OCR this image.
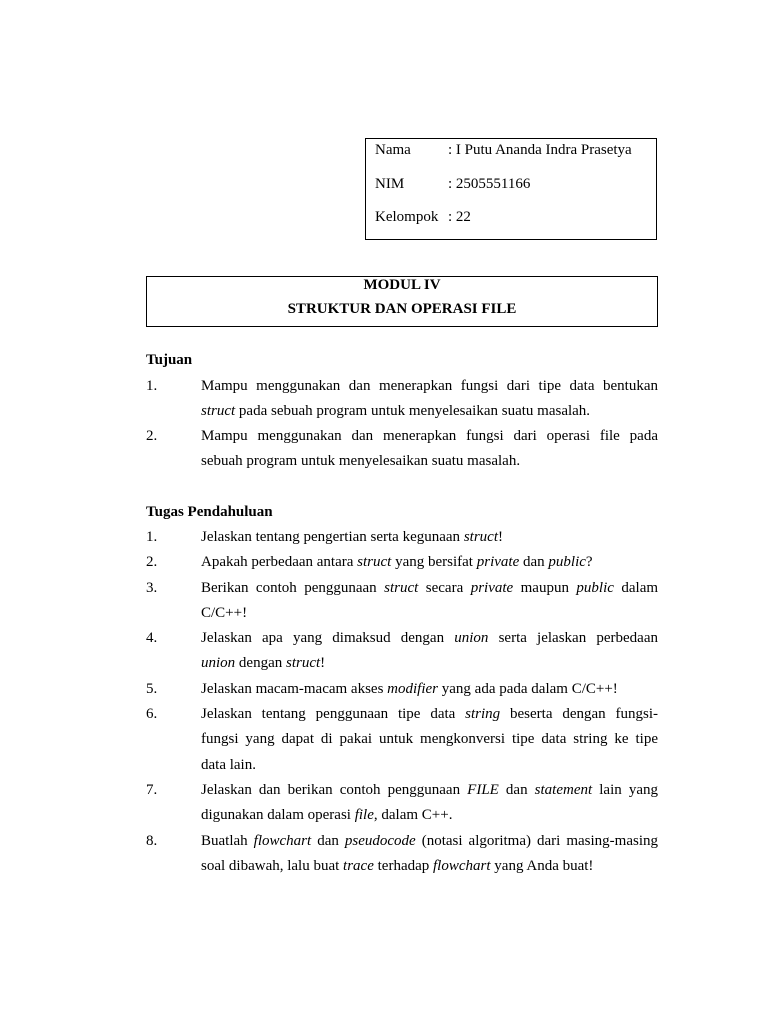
Nama : I Putu Ananda Indra Prasetya
NIM	: 2505551166
Kelompok : 22
MODUL IV
STRUKTUR DAN OPERASI FILE
Tujuan
1.	Mampu menggunakan dan menerapkan fungsi dari tipe data bentukan
struct pada sebuah program untuk menyelesaikan suatu masalah.
2.	Mampu menggunakan dan menerapkan fungsi dari operasi file pada
sebuah program untuk menyelesaikan suatu masalah.
Tugas Pendahuluan
1.	Jelaskan tentang pengertian serta kegunaan struct!
2.	Apakah perbedaan antara struct yang bersifat private dan public?
3.	Berikan contoh penggunaan struct secara private maupun public dalam
C/C++!
4.	Jelaskan apa yang dimaksud dengan union serta jelaskan perbedaan
union dengan struct!
5.	Jelaskan macam-macam akses modifier yang ada pada dalam C/C++!
6.	Jelaskan tentang penggunaan tipe data string beserta dengan fungsi-
fungsi yang dapat di pakai untuk mengkonversi tipe data string ke tipe
data lain.
7.	Jelaskan dan berikan contoh penggunaan FILE dan statement lain yang
digunakan dalam operasi file, dalam C++.
8.	Buatlah flowchart dan pseudocode (notasi algoritma) dari masing-masing
soal dibawah, lalu buat trace terhadap flowchart yang Anda buat!
